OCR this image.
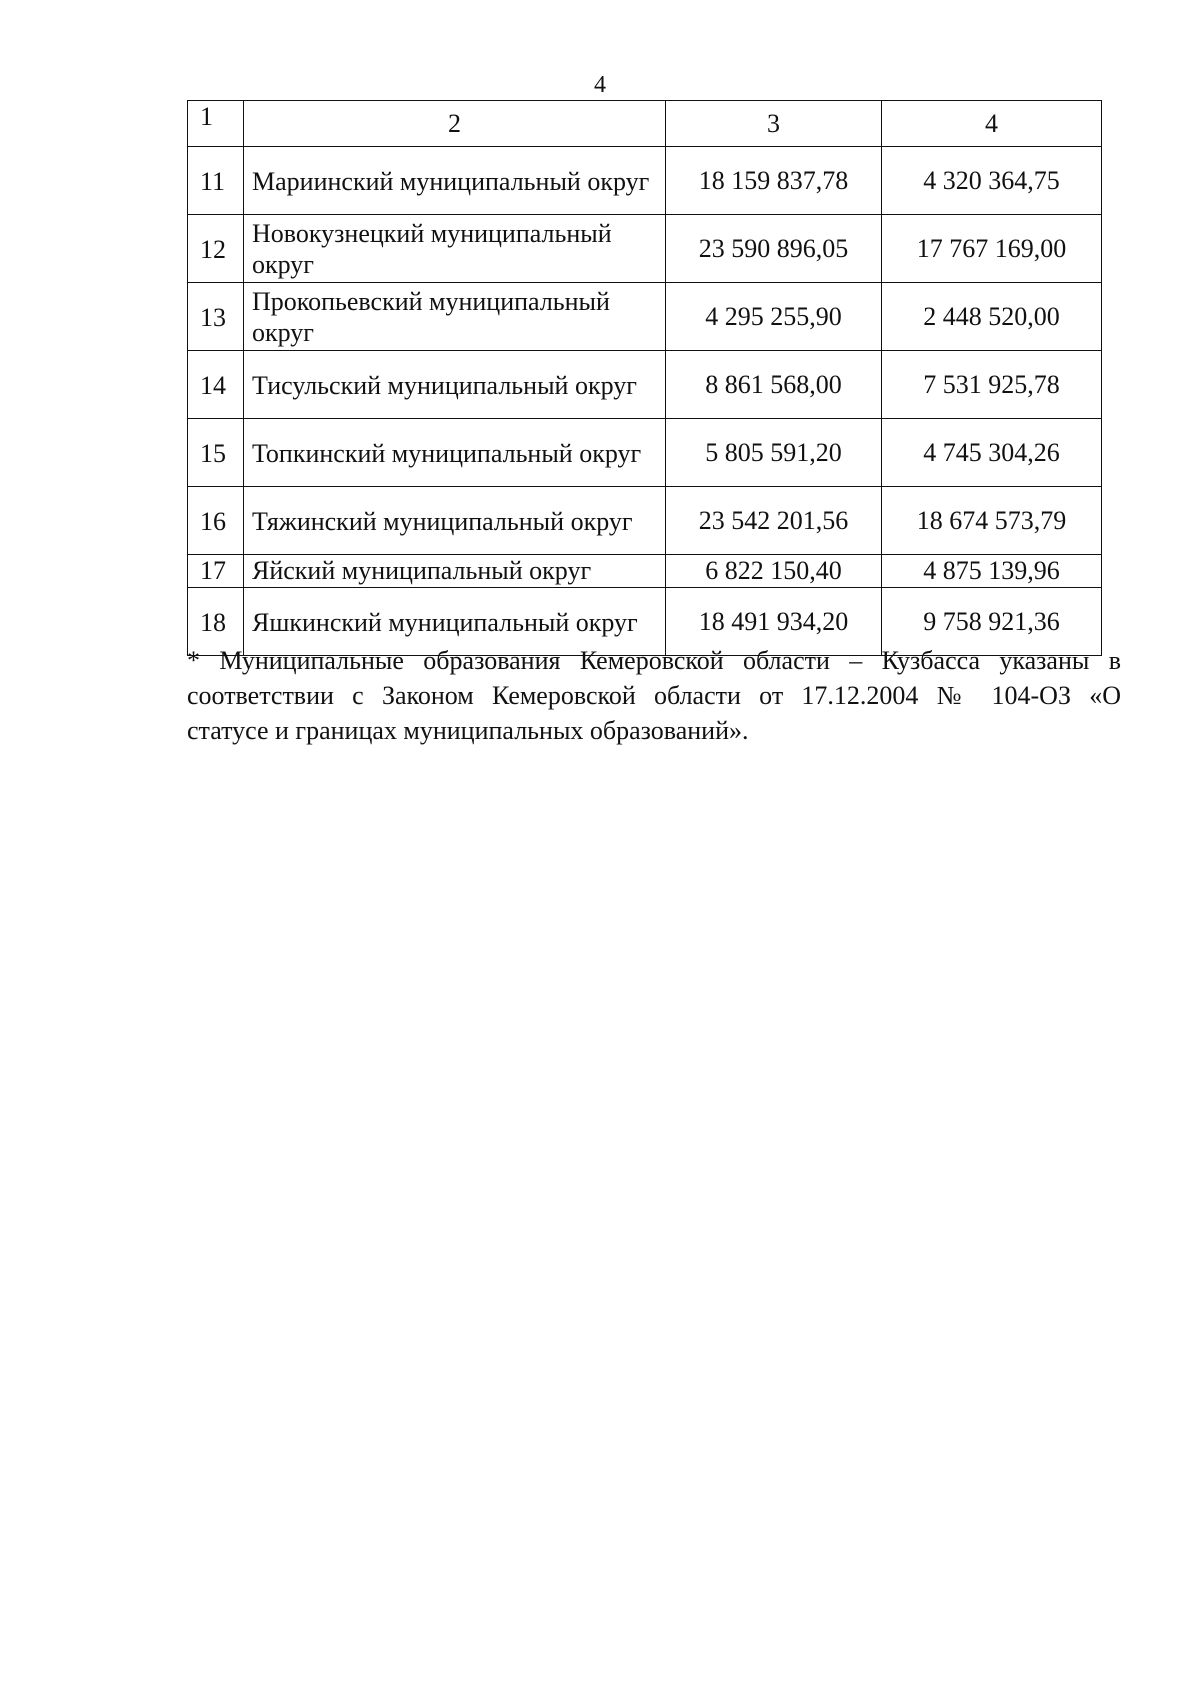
4
1	2	3	4
11	Мариинский муниципальный округ	18 159 837,78	4 320 364,75
12	Новокузнецкий муниципальный округ	23 590 896,05	17 767 169,00
13	Прокопьевский муниципальный округ	4 295 255,90	2 448 520,00
14	Тисульский муниципальный округ	8 861 568,00	7 531 925,78
15	Топкинский муниципальный округ	5 805 591,20	4 745 304,26
16	Тяжинский муниципальный округ	23 542 201,56	18 674 573,79
17	Яйский муниципальный округ	6 822 150,40	4 875 139,96
18	Яшкинский муниципальный округ	18 491 934,20	9 758 921,36
* Муниципальные образования Кемеровской области – Кузбасса указаны в
соответствии с Законом Кемеровской области от 17.12.2004 № 104-ОЗ «О
статусе и границах муниципальных образований».
